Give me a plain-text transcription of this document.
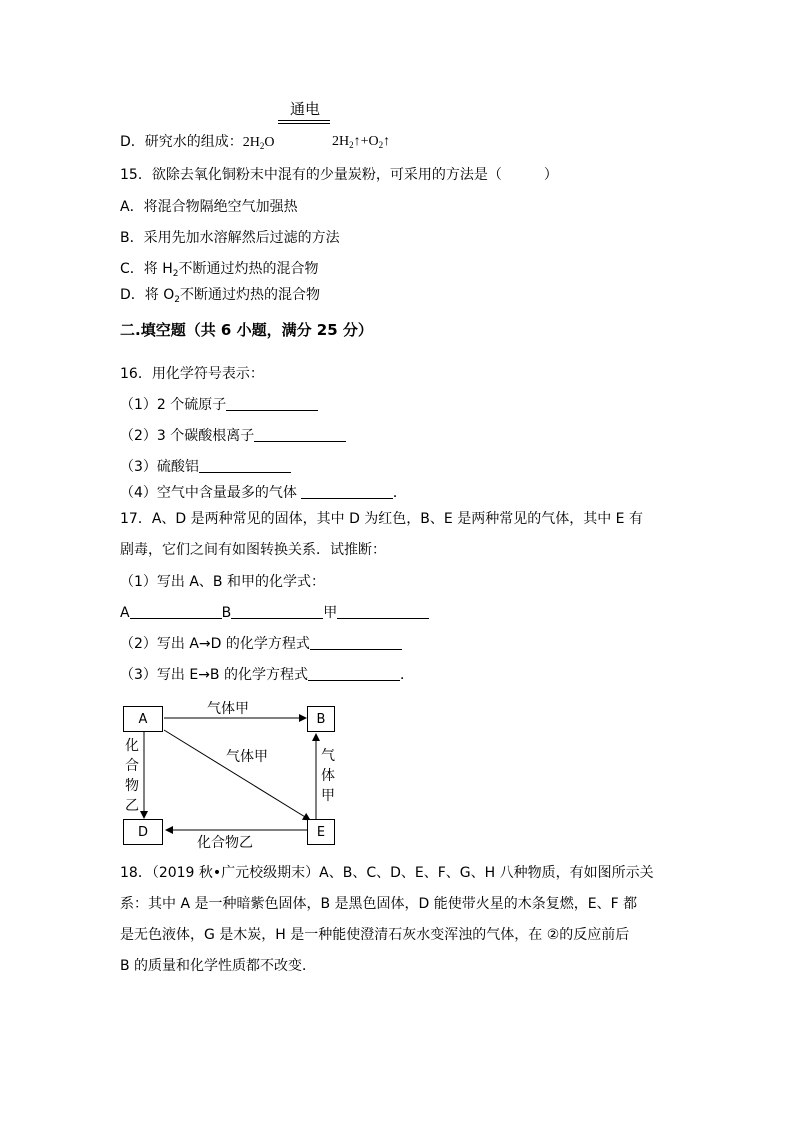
通电
D．研究水的组成：$2H_2O$	$2H_2↑+O_2↑$
15．欲除去氧化铜粉末中混有的少量炭粉，可采用的方法是（　　　）
A．将混合物隔绝空气加强热
B．采用先加水溶解然后过滤的方法
C．将 $H_2$不断通过灼热的混合物
D．将 $O_2$不断通过灼热的混合物
二.填空题（共 6 小题，满分 25 分）
16．用化学符号表示：
（1）2 个硫原子
（2）3 个碳酸根离子
（3）硫酸铝
（4）空气中含量最多的气体	．
17．A、D 是两种常见的固体，其中 D 为红色，B、E 是两种常见的气体，其中 E 有
剧毒，它们之间有如图转换关系．试推断：
（1）写出 A、B 和甲的化学式：
A	B	甲
（2）写出 A→D 的化学方程式
（3）写出 E→B 的化学方程式	．
A	B
D	E
气体甲
气体甲
化合物乙
化
合
物
乙
气
体
甲
18．（2019 秋•广元校级期末）A、B、C、D、E、F、G、H 八种物质，有如图所示关
系：其中 A 是一种暗紫色固体，B 是黑色固体，D 能使带火星的木条复燃，E、F 都
是无色液体，G 是木炭，H 是一种能使澄清石灰水变浑浊的气体，在 ②的反应前后
B 的质量和化学性质都不改变．
